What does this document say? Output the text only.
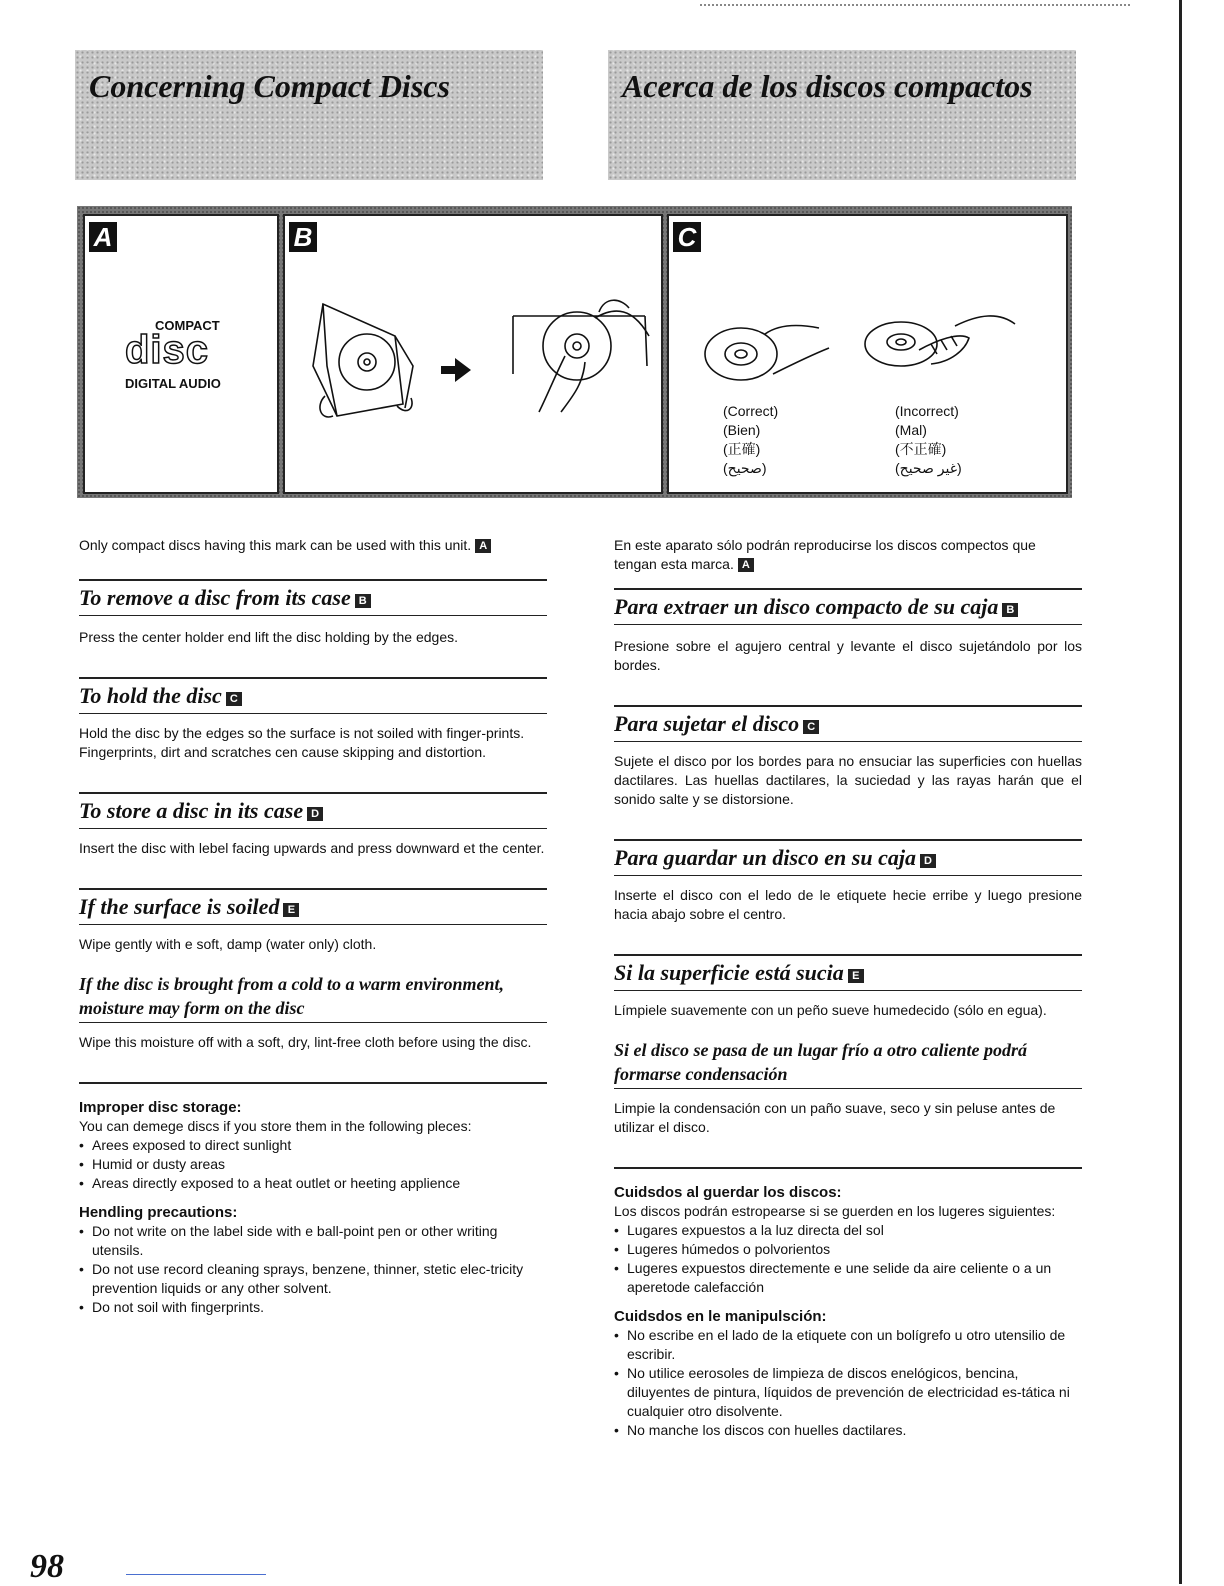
Concerning Compact Discs	Acerca de los discos compactos
A
COMPACT
disc
DIGITAL AUDIO
B	C
(Correct)
(Bien)
(正確)
(صحيح)
(Incorrect)
(Mal)
(不正確)
(غير صحيح)

Only compact discs having this mark can be used with this unit. A

To remove a disc from its case B

Press the center holder end lift the disc holding by the edges.

To hold the disc C

Hold the disc by the edges so the surface is not soiled with finger-prints.

Fingerprints, dirt and scratches cen cause skipping and distortion.

To store a disc in its case D

Insert the disc with lebel facing upwards and press downward et the center.

If the surface is soiled E

Wipe gently with e soft, damp (water only) cloth.

If the disc is brought from a cold to a warm environment, moisture may form on the disc

Wipe this moisture off with a soft, dry, lint-free cloth before using the disc.

Improper disc storage:

You can demege discs if you store them in the following pleces:

• Arees exposed to direct sunlight
• Humid or dusty areas
• Areas directly exposed to a heat outlet or heeting applience

Hendling precautions:

• Do not write on the label side with e ball-point pen or other writing utensils.
• Do not use record cleaning sprays, benzene, thinner, stetic elec-tricity prevention liquids or any other solvent.
• Do not soil with fingerprints.

En este aparato sólo podrán reproducirse los discos compectos que tengan esta marca. A

Para extraer un disco compacto de su caja B

Presione sobre el agujero central y levante el disco sujetándolo por los bordes.

Para sujetar el disco C

Sujete el disco por los bordes para no ensuciar las superficies con huellas dactilares. Las huellas dactilares, la suciedad y las rayas harán que el sonido salte y se distorsione.

Para guardar un disco en su caja D

Inserte el disco con el ledo de le etiquete hecie erribe y luego presione hacia abajo sobre el centro.

Si la superficie está sucia E

Límpiele suavemente con un peño sueve humedecido (sólo en egua).

Si el disco se pasa de un lugar frío a otro caliente podrá formarse condensación

Limpie la condensación con un paño suave, seco y sin peluse antes de utilizar el disco.

Cuidsdos al guerdar los discos:

Los discos podrán estropearse si se guerden en los lugeres siguientes:

• Lugares expuestos a la luz directa del sol
• Lugeres húmedos o polvorientos
• Lugeres expuestos directemente e une selide da aire celiente o a un aperetode calefacción

Cuidsdos en le manipulsción:

• No escribe en el lado de la etiquete con un bolígrefo u otro utensilio de escribir.
• No utilice eerosoles de limpieza de discos enelógicos, bencina, diluyentes de pintura, líquidos de prevención de electricidad es-tática ni cualquier otro disolvente.
• No manche los discos con huelles dactilares.
98
